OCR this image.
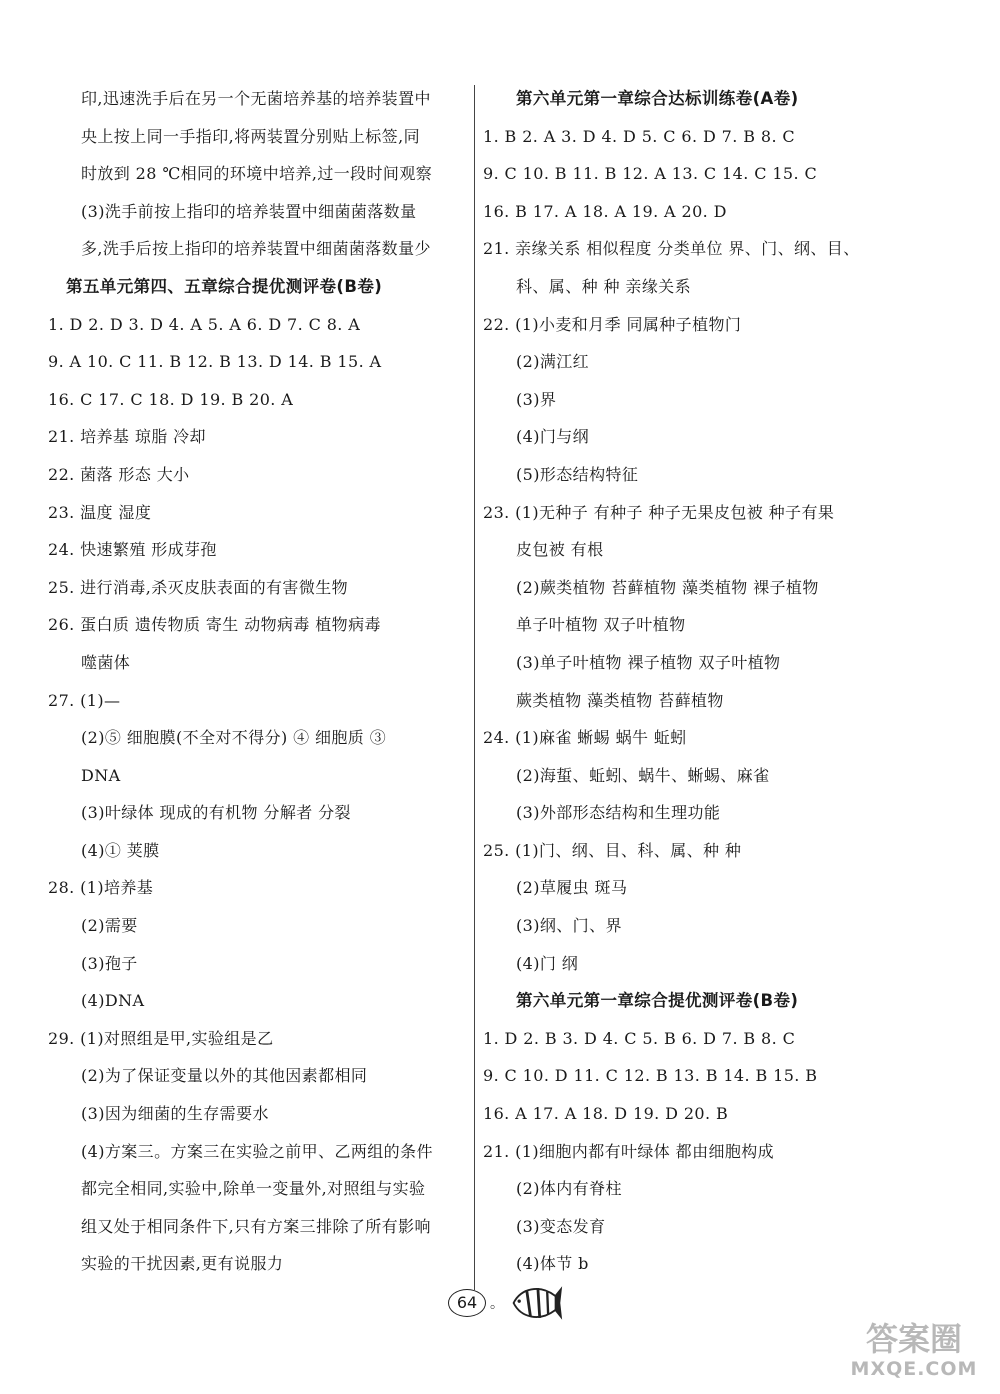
印,迅速洗手后在另一个无菌培养基的培养装置中
央上按上同一手指印,将两装置分别贴上标签,同
时放到 28 ℃相同的环境中培养,过一段时间观察
(3)洗手前按上指印的培养装置中细菌菌落数量
多,洗手后按上指印的培养装置中细菌菌落数量少
第五单元第四、五章综合提优测评卷(B卷)
1. D 2. D 3. D 4. A 5. A 6. D 7. C 8. A
9. A 10. C 11. B 12. B 13. D 14. B 15. A
16. C 17. C 18. D 19. B 20. A
21. 培养基 琼脂 冷却
22. 菌落 形态 大小
23. 温度 湿度
24. 快速繁殖 形成芽孢
25. 进行消毒,杀灭皮肤表面的有害微生物
26. 蛋白质 遗传物质 寄生 动物病毒 植物病毒
噬菌体
27. (1)—
(2)⑤ 细胞膜(不全对不得分) ④ 细胞质 ③
DNA
(3)叶绿体 现成的有机物 分解者 分裂
(4)① 荚膜
28. (1)培养基
(2)需要
(3)孢子
(4)DNA
29. (1)对照组是甲,实验组是乙
(2)为了保证变量以外的其他因素都相同
(3)因为细菌的生存需要水
(4)方案三。方案三在实验之前甲、乙两组的条件
都完全相同,实验中,除单一变量外,对照组与实验
组又处于相同条件下,只有方案三排除了所有影响
实验的干扰因素,更有说服力
第六单元第一章综合达标训练卷(A卷)
1. B 2. A 3. D 4. D 5. C 6. D 7. B 8. C
9. C 10. B 11. B 12. A 13. C 14. C 15. C
16. B 17. A 18. A 19. A 20. D
21. 亲缘关系 相似程度 分类单位 界、门、纲、目、
科、属、种 种 亲缘关系
22. (1)小麦和月季 同属种子植物门
(2)满江红
(3)界
(4)门与纲
(5)形态结构特征
23. (1)无种子 有种子 种子无果皮包被 种子有果
皮包被 有根
(2)蕨类植物 苔藓植物 藻类植物 裸子植物
单子叶植物 双子叶植物
(3)单子叶植物 裸子植物 双子叶植物
蕨类植物 藻类植物 苔藓植物
24. (1)麻雀 蜥蜴 蜗牛 蚯蚓
(2)海蜇、蚯蚓、蜗牛、蜥蜴、麻雀
(3)外部形态结构和生理功能
25. (1)门、纲、目、科、属、种 种
(2)草履虫 斑马
(3)纲、门、界
(4)门 纲
第六单元第一章综合提优测评卷(B卷)
1. D 2. B 3. D 4. C 5. B 6. D 7. B 8. C
9. C 10. D 11. C 12. B 13. B 14. B 15. B
16. A 17. A 18. D 19. D 20. B
21. (1)细胞内都有叶绿体 都由细胞构成
(2)体内有脊柱
(3)变态发育
(4)体节 b
64 。
答案圈
MXQE.COM
